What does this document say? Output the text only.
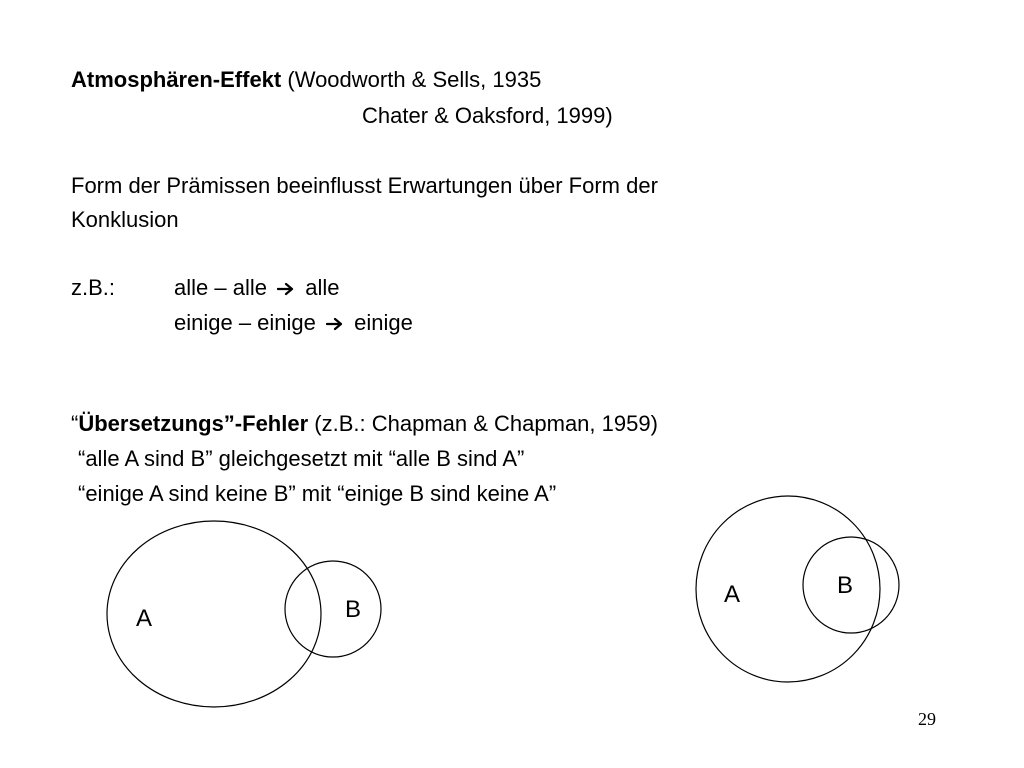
Atmosphären-Effekt (Woodworth & Sells, 1935
Chater & Oaksford, 1999)
Form der Prämissen beeinflusst Erwartungen über Form der
Konklusion
z.B.:	alle – alle alle
einige – einige einige
“Übersetzungs”-Fehler (z.B.: Chapman & Chapman, 1959)
“alle A sind B” gleichgesetzt mit “alle B sind A”
“einige A sind keine B” mit “einige B sind keine A”
A	B
A	B
29
